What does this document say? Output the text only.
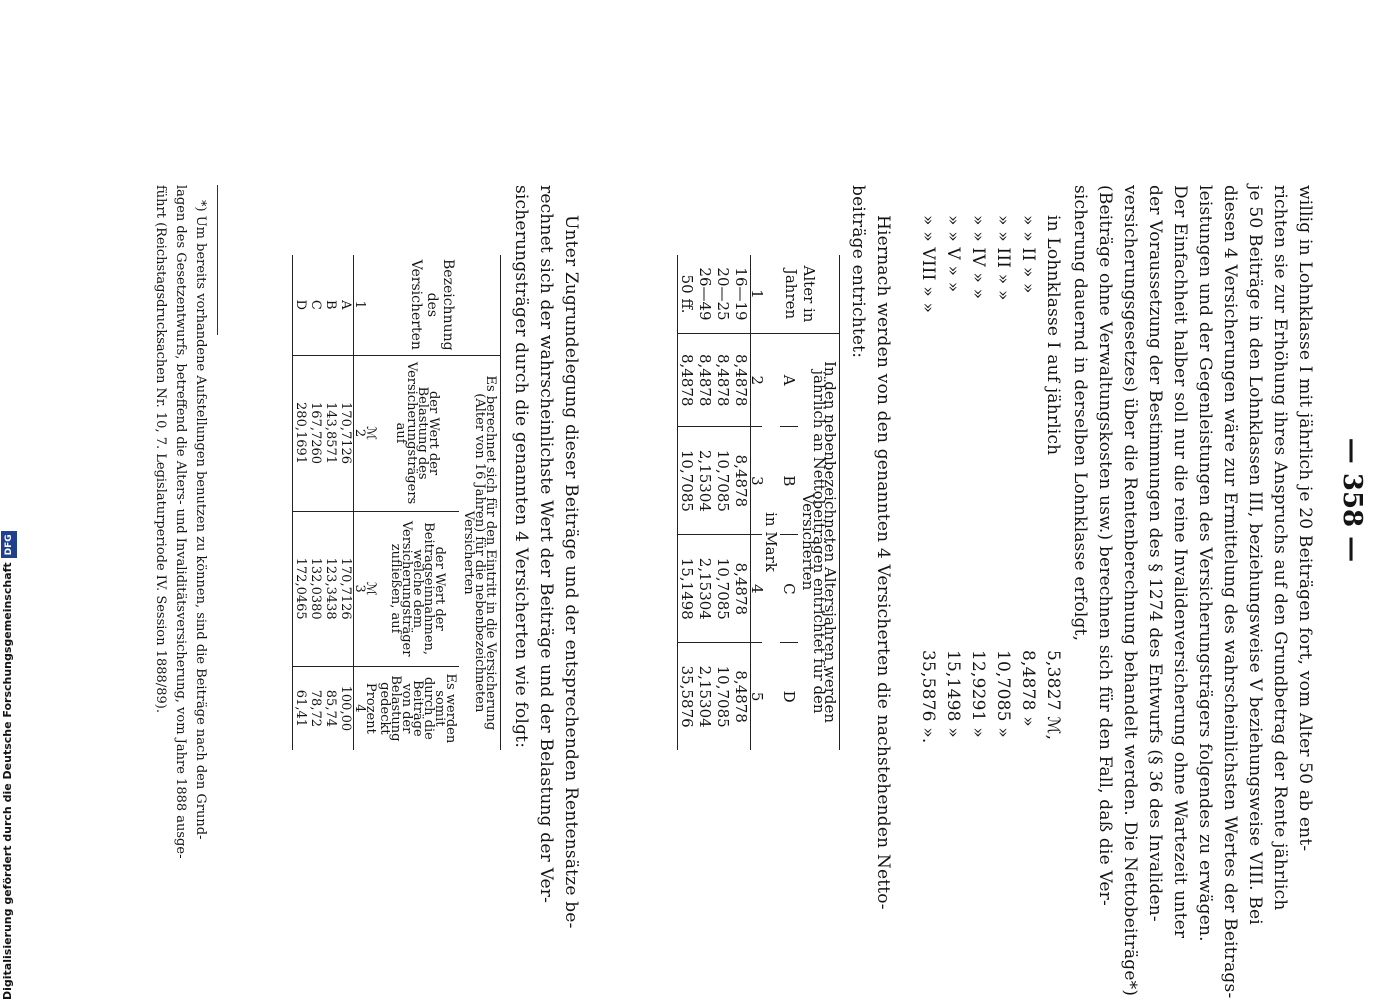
— 358 —
willig in Lohnklasse I mit jährlich je 20 Beiträgen fort, vom Alter 50 ab ent-
richten sie zur Erhöhung ihres Anspruchs auf den Grundbetrag der Rente jährlich
je 50 Beiträge in den Lohnklassen III, beziehungsweise V beziehungsweise VIII. Bei
diesen 4 Versicherungen wäre zur Ermittelung des wahrscheinlichsten Wertes der Beitrags-
leistungen und der Gegenleistungen des Versicherungsträgers folgendes zu erwägen.
Der Einfachheit halber soll nur die reine Invalidenversicherung ohne Wartezeit unter
der Voraussetzung der Bestimmungen des § 1274 des Entwurfs (§ 36 des Invaliden-
versicherungsgesetzes) über die Rentenberechnung behandelt werden. Die Nettobeiträge*)
(Beiträge ohne Verwaltungskosten usw.) berechnen sich für den Fall, daß die Ver-
sicherung dauernd in derselben Lohnklasse erfolgt,
in Lohnklasse I auf jährlich
5,3827 ℳ,
» » II » »
8,4878 »
» » III » »
10,7085 »
» » IV » »
12,9291 »
» » V » »
15,1498 »
» » VIII » »
35,5876 ».
Hiernach werden von den genannten 4 Versicherten die nachstehenden Netto-
beiträge entrichtet:
Alter in Jahren	In den nebenbezeichneten Altersjahren werden jährlich an Nettobeiträgen entrichtet für den Versicherten			
	A	B	C	D
	in Mark			
1	2	3	4	5
16—19	8,4878	8,4878	8,4878	8,4878
20—25	8,4878	10,7085	10,7085	10,7085
26—49	8,4878	2,15304	2,15304	2,15304
50 ff.	8,4878	10,7085	15,1498	35,5876
Unter Zugrundelegung dieser Beiträge und der entsprechenden Rentensätze be-
rechnet sich der wahrscheinlichste Wert der Beiträge und der Belastung der Ver-
sicherungsträger durch die genannten 4 Versicherten wie folgt:
Bezeichnung des Versicherten	Es berechnet sich für den Eintritt in die Versicherung (Alter von 16 Jahren) für die nebenbezeichneten Versicherten		
	der Wert der Belastung des Versicherungsträgers auf	der Wert der Beitragseinnahmen, welche dem Versicherungsträger zufließen, auf	Es werden somit durch die Beiträge von der Belastung gedeckt
	ℳ	ℳ	Prozent
1	2	3	4
A	170,7126	170,7126	100,00
B	143,8571	123,3438	85,74
C	167,7260	132,0380	78,72
D	280,1691	172,0465	61,41
*) Um bereits vorhandene Aufstellungen benutzen zu können, sind die Beiträge nach den Grund-
lagen des Gesetzentwurfs, betreffend die Alters- und Invaliditätsversicherung, vom Jahre 1888 ausge-
führt (Reichstagsdrucksachen Nr. 10, 7. Legislaturperiode IV. Session 1888/89).
Digitalisierung gefördert durch die Deutsche ForschungsgemeinschaftDFG
